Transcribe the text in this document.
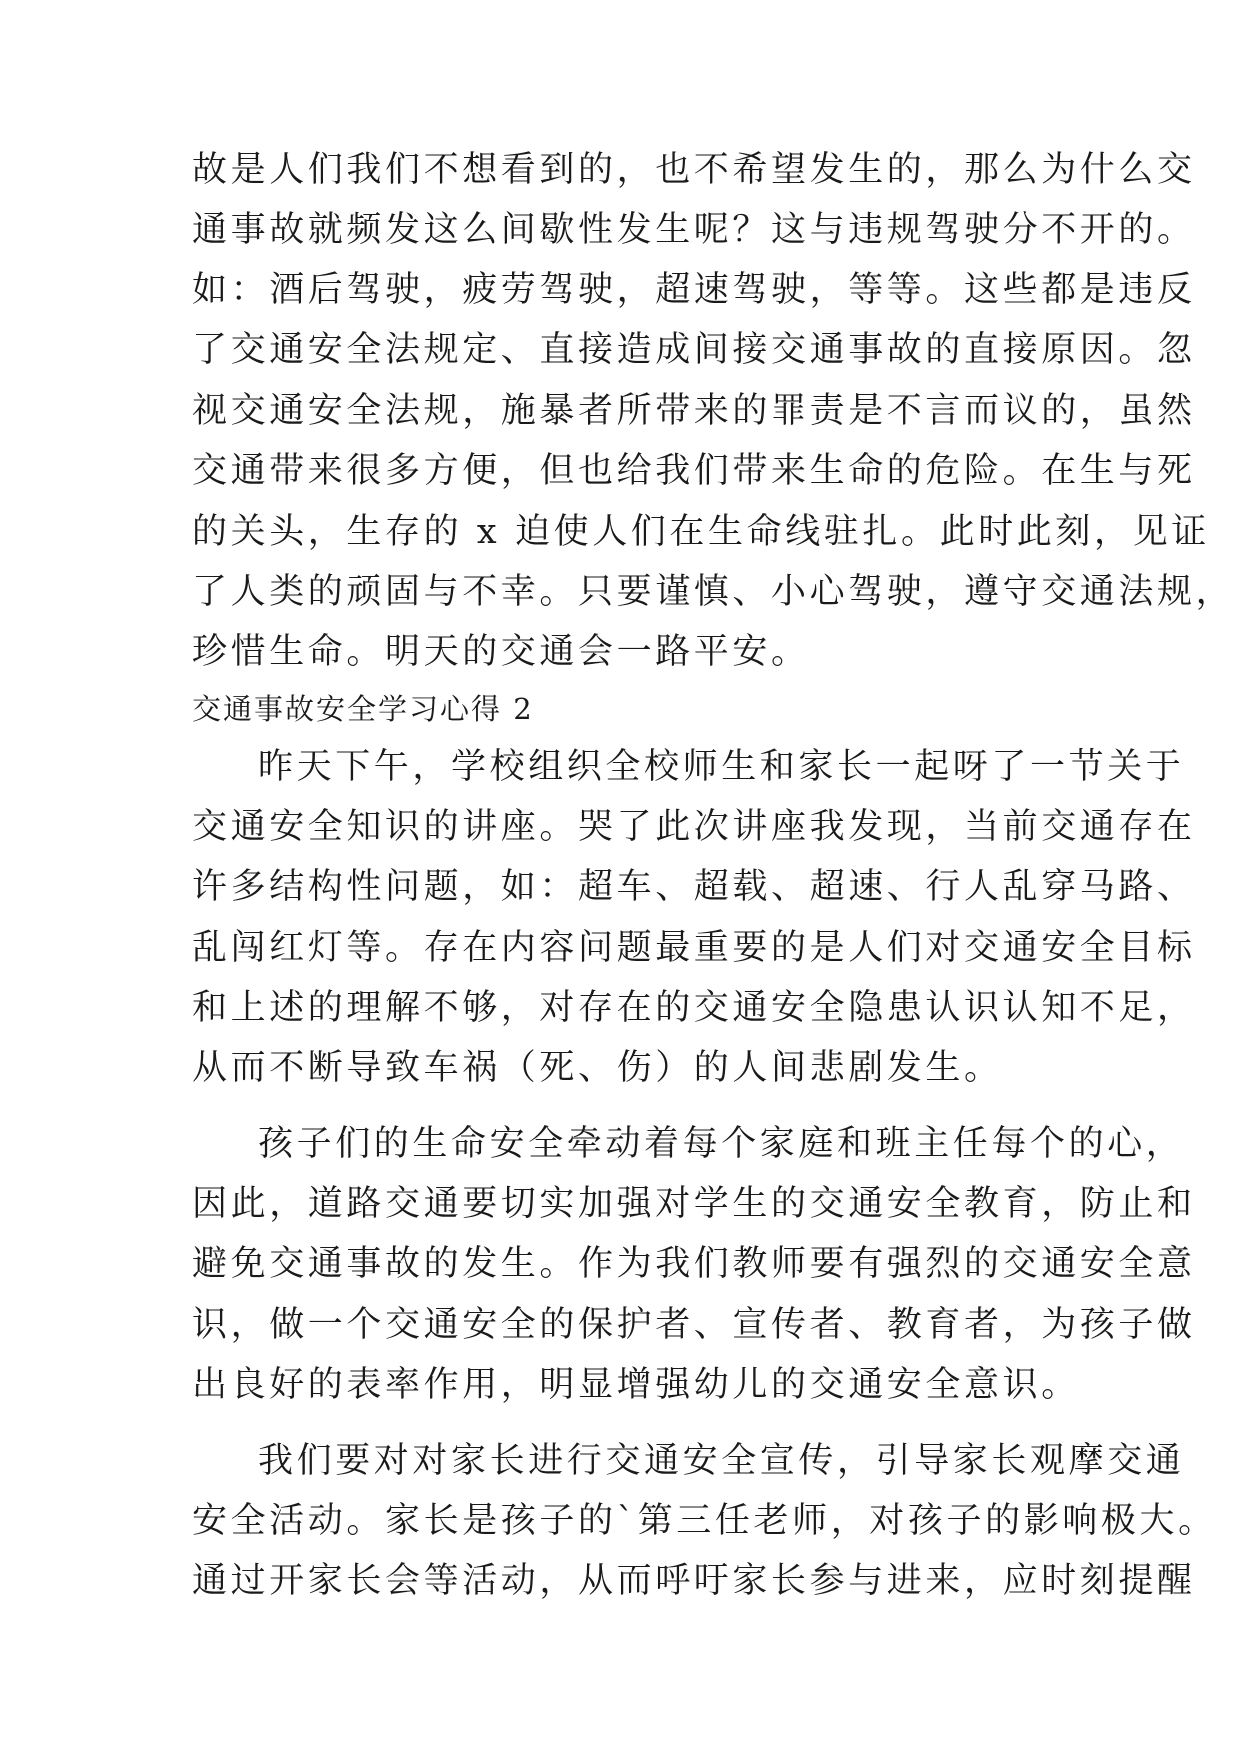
故是人们我们不想看到的，也不希望发生的，那么为什么交
通事故就频发这么间歇性发生呢？这与违规驾驶分不开的。
如：酒后驾驶，疲劳驾驶，超速驾驶，等等。这些都是违反
了交通安全法规定、直接造成间接交通事故的直接原因。忽
视交通安全法规，施暴者所带来的罪责是不言而议的，虽然
交通带来很多方便，但也给我们带来生命的危险。在生与死
的关头，生存的 x 迫使人们在生命线驻扎。此时此刻，见证
了人类的顽固与不幸。只要谨慎、小心驾驶，遵守交通法规，
珍惜生命。明天的交通会一路平安。
交通事故安全学习心得 2
昨天下午，学校组织全校师生和家长一起呀了一节关于
交通安全知识的讲座。哭了此次讲座我发现，当前交通存在
许多结构性问题，如：超车、超载、超速、行人乱穿马路、
乱闯红灯等。存在内容问题最重要的是人们对交通安全目标
和上述的理解不够，对存在的交通安全隐患认识认知不足，
从而不断导致车祸（死、伤）的人间悲剧发生。
孩子们的生命安全牵动着每个家庭和班主任每个的心，
因此，道路交通要切实加强对学生的交通安全教育，防止和
避免交通事故的发生。作为我们教师要有强烈的交通安全意
识，做一个交通安全的保护者、宣传者、教育者，为孩子做
出良好的表率作用，明显增强幼儿的交通安全意识。
我们要对对家长进行交通安全宣传，引导家长观摩交通
安全活动。家长是孩子的`第三任老师，对孩子的影响极大。
通过开家长会等活动，从而呼吁家长参与进来，应时刻提醒
